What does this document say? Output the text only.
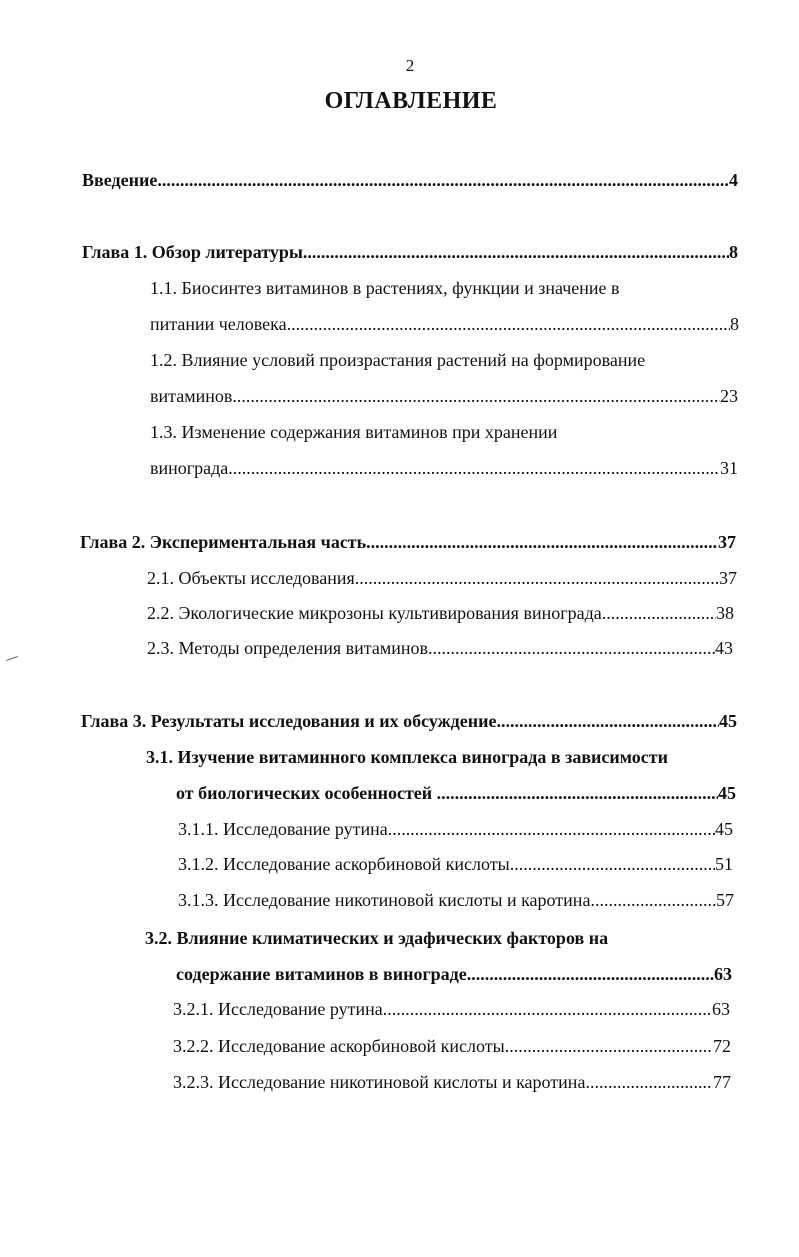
2
ОГЛАВЛЕНИЕ
Введение .....	4
Глава 1. Обзор литературы .....	8
1.1. Биосинтез витаминов в растениях, функции и значение в
питании человека .....	8
1.2. Влияние условий произрастания растений на формирование
витаминов .....	23
1.3. Изменение содержания витаминов при хранении
винограда .....	31
Глава 2. Экспериментальная часть .....	37
2.1. Объекты исследования .....	37
2.2. Экологические микрозоны культивирования винограда .....	38
2.3. Методы определения витаминов .....	43
Глава 3. Результаты исследования и их обсуждение .....	45
3.1. Изучение витаминного комплекса винограда в зависимости
от биологических особенностей .....	45
3.1.1. Исследование рутина .....	45
3.1.2. Исследование аскорбиновой кислоты .....	51
3.1.3. Исследование никотиновой кислоты и каротина .....	57
3.2. Влияние климатических и эдафических факторов на
содержание витаминов в винограде .....	63
3.2.1. Исследование рутина .....	63
3.2.2. Исследование аскорбиновой кислоты .....	72
3.2.3. Исследование никотиновой кислоты и каротина .....	77
